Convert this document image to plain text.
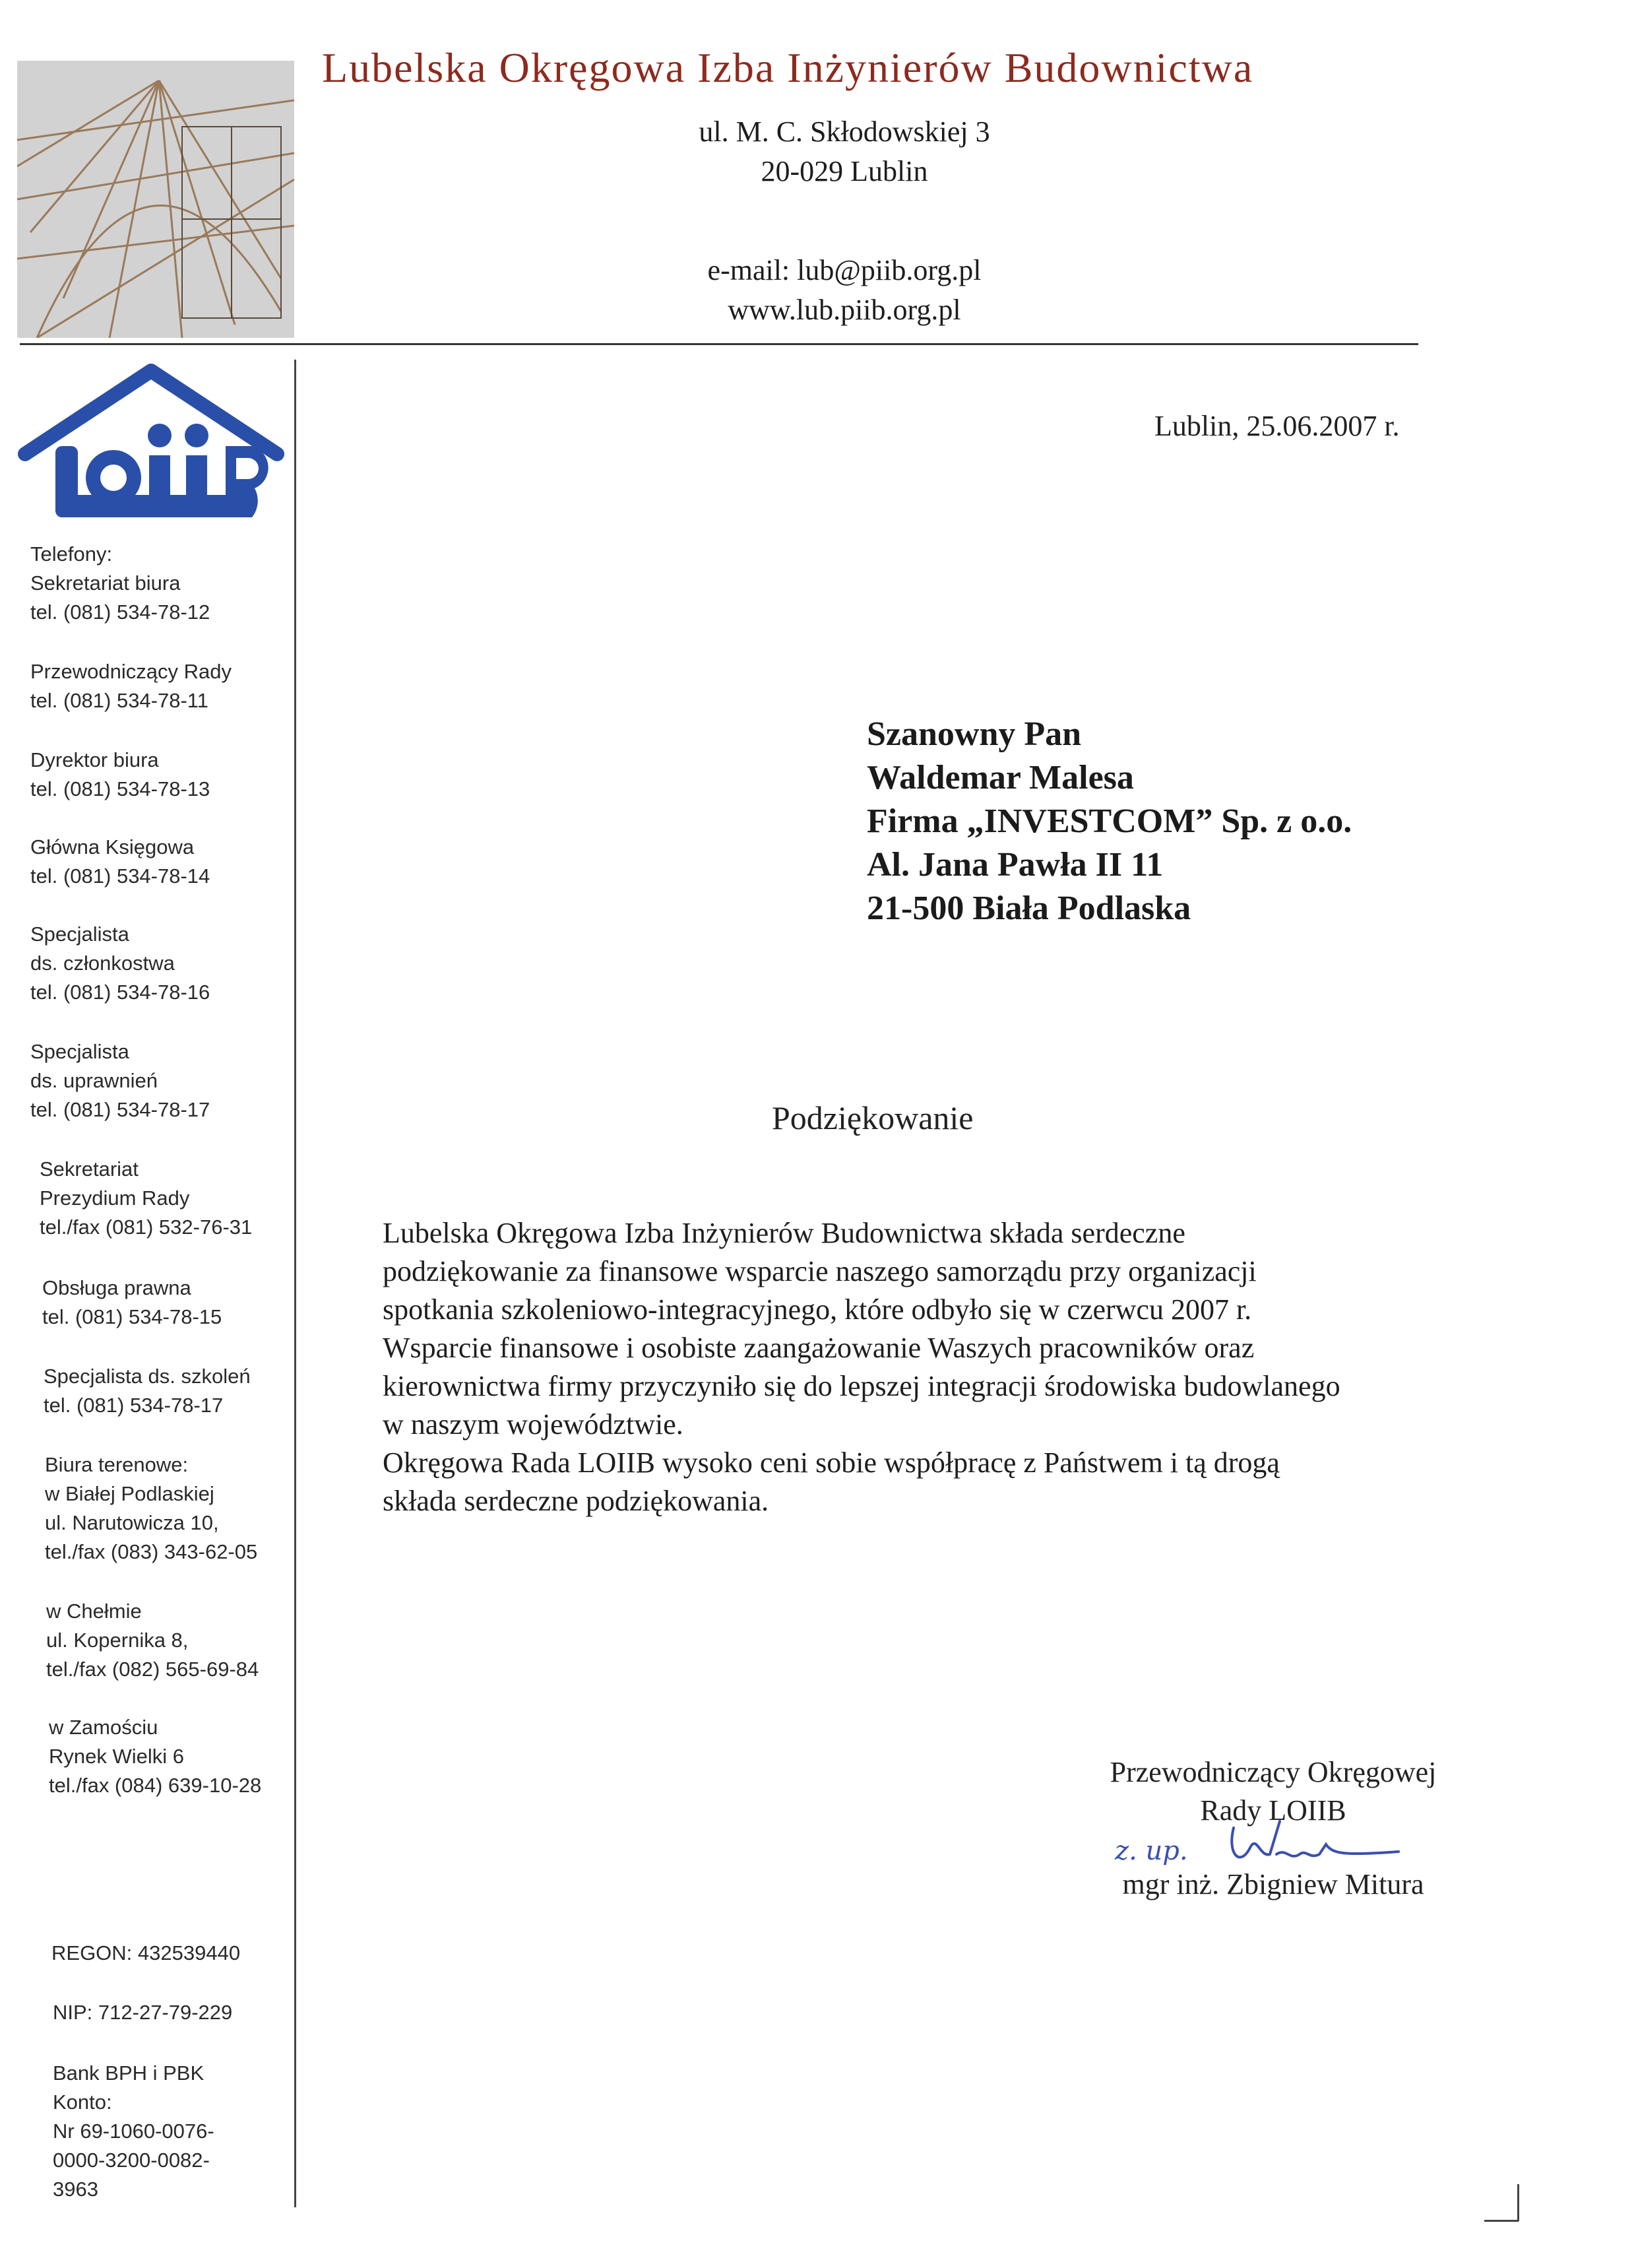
Lubelska Okręgowa Izba Inżynierów Budownictwa
ul. M. C. Skłodowskiej 3
20-029 Lublin
e-mail: lub@piib.org.pl
www.lub.piib.org.pl
Telefony:
Sekretariat biura
tel. (081) 534-78-12
Przewodniczący Rady
tel. (081) 534-78-11
Dyrektor biura
tel. (081) 534-78-13
Główna Księgowa
tel. (081) 534-78-14
Specjalista
ds. członkostwa
tel. (081) 534-78-16
Specjalista
ds. uprawnień
tel. (081) 534-78-17
Sekretariat
Prezydium Rady
tel./fax (081) 532-76-31
Obsługa prawna
tel. (081) 534-78-15
Specjalista ds. szkoleń
tel. (081) 534-78-17
Biura terenowe:
w Białej Podlaskiej
ul. Narutowicza 10,
tel./fax (083) 343-62-05
w Chełmie
ul. Kopernika 8,
tel./fax (082) 565-69-84
w Zamościu
Rynek Wielki 6
tel./fax (084) 639-10-28
REGON: 432539440
NIP: 712-27-79-229
Bank BPH i PBK
Konto:
Nr 69-1060-0076-
0000-3200-0082-
3963
Lublin, 25.06.2007 r.
Szanowny Pan
Waldemar Malesa
Firma „INVESTCOM” Sp. z o.o.
Al. Jana Pawła II 11
21-500 Biała Podlaska
Podziękowanie
Lubelska Okręgowa Izba Inżynierów Budownictwa składa serdeczne
podziękowanie za finansowe wsparcie naszego samorządu przy organizacji
spotkania szkoleniowo-integracyjnego, które odbyło się w czerwcu 2007 r.
Wsparcie finansowe i osobiste zaangażowanie Waszych pracowników oraz
kierownictwa firmy przyczyniło się do lepszej integracji środowiska budowlanego
w naszym województwie.
Okręgowa Rada LOIIB wysoko ceni sobie współpracę z Państwem i tą drogą
składa serdeczne podziękowania.
Przewodniczący Okręgowej
Rady LOIIB
z. up.
mgr inż. Zbigniew Mitura
